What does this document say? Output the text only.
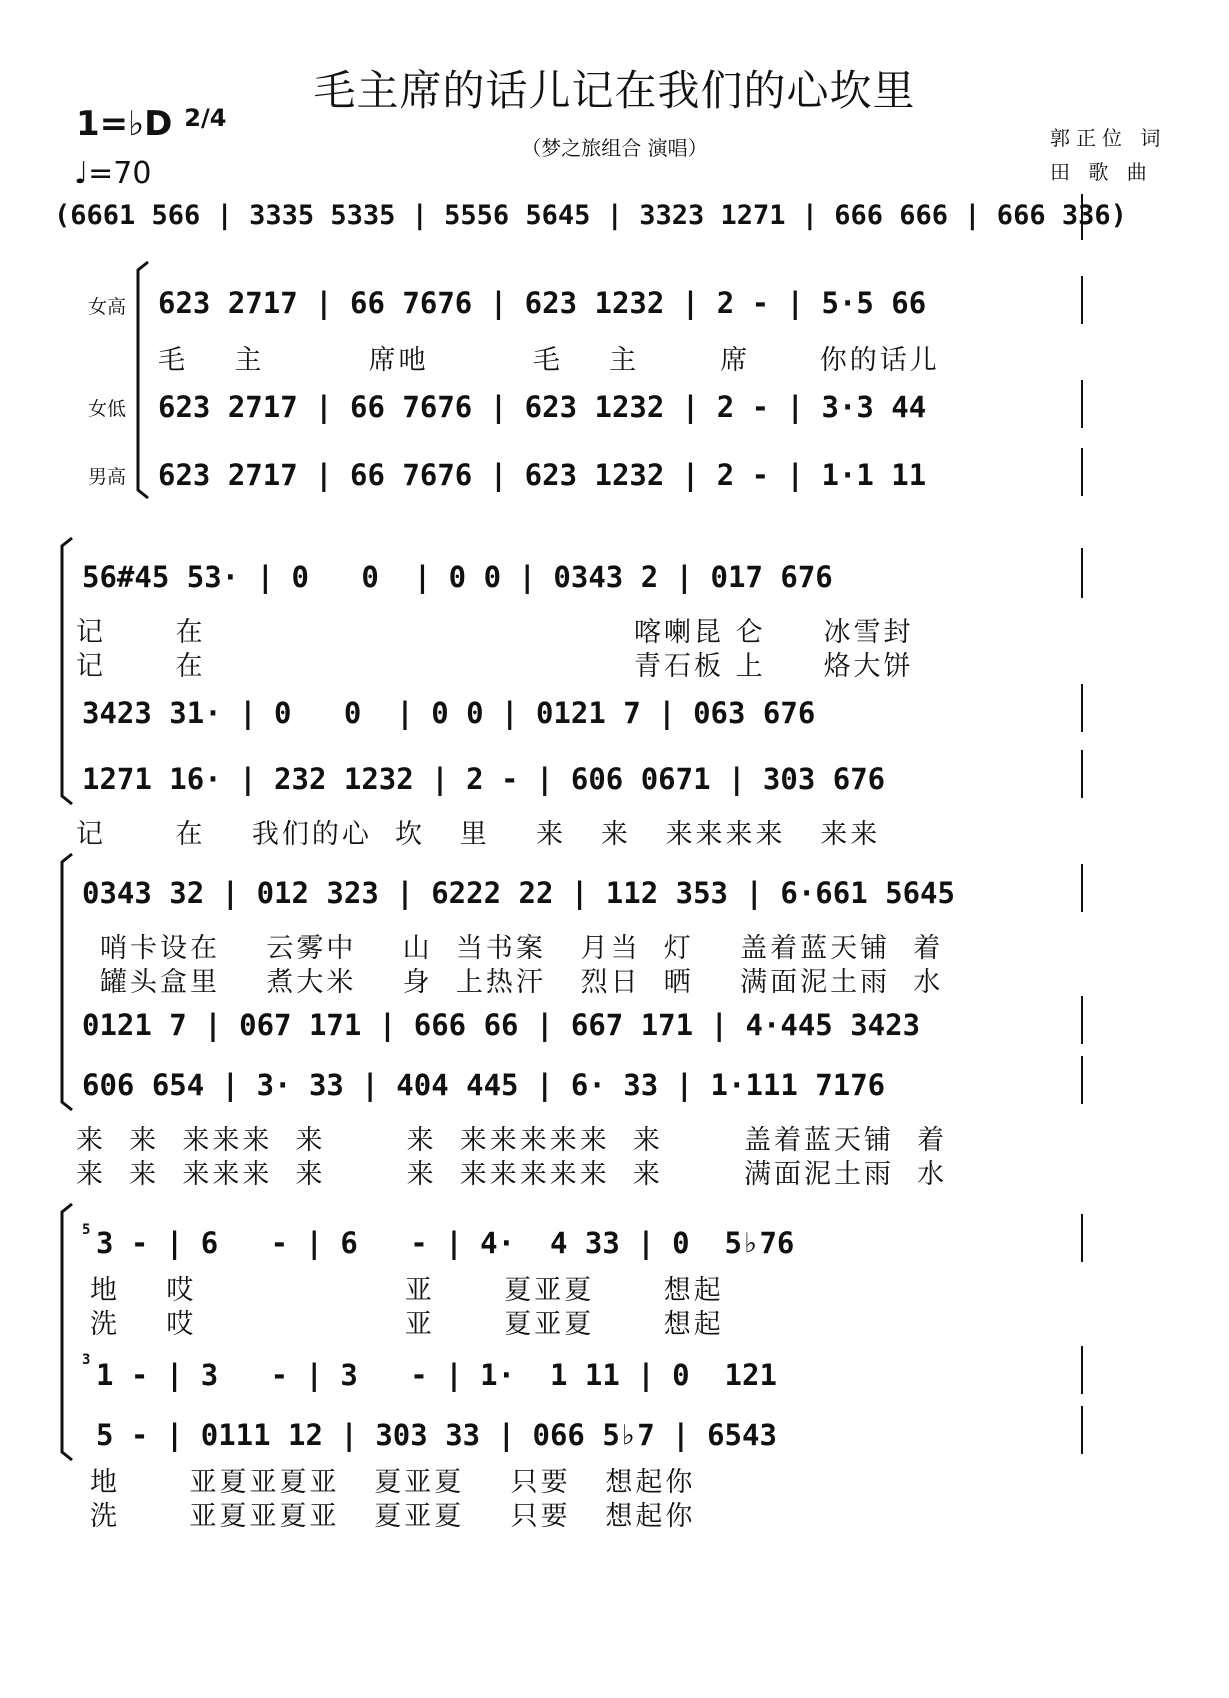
毛主席的话儿记在我们的心坎里
（梦之旅组合 演唱）
1=♭D $^{2/4}$
♩=70
郭正位 词
田 歌 曲
(6661 566 | 3335 5335 | 5556 5645 | 3323 1271 | 666 666 | 666 336)
女高
女低
男高
623 2717 | 66 7676 | 623 1232 | 2 - | 5·5 66
毛    主         席吔         毛    主       席      你的话儿
623 2717 | 66 7676 | 623 1232 | 2 - | 3·3 44
623 2717 | 66 7676 | 623 1232 | 2 - | 1·1 11
56#45 53· | 0   0  | 0 0 | 0343 2 | 017 676
记      在                                     喀喇昆 仑     冰雪封
记      在                                     青石板 上     烙大饼
3423 31· | 0   0  | 0 0 | 0121 7 | 063 676
1271 16· | 232 1232 | 2 - | 606 0671 | 303 676
记      在    我们的心  坎   里    来   来   来来来来   来来
0343 32 | 012 323 | 6222 22 | 112 353 | 6·661 5645
哨卡设在    云雾中    山  当书案   月当  灯    盖着蓝天铺  着
罐头盒里    煮大米    身  上热汗   烈日  晒    满面泥土雨  水
0121 7 | 067 171 | 666 66 | 667 171 | 4·445 3423
606 654 | 3· 33 | 404 445 | 6· 33 | 1·111 7176
来  来  来来来  来       来  来来来来来  来       盖着蓝天铺  着
来  来  来来来  来       来  来来来来来  来       满面泥土雨  水
5 3 - | 6   - | 6   - | 4·  4 33 | 0  5♭76
地    哎                  亚      夏亚夏      想起
洗    哎                  亚      夏亚夏      想起
3 1 - | 3   - | 3   - | 1·  1 11 | 0  121
5 - | 0111 12 | 303 33 | 066 5♭7 | 6543
地      亚夏亚夏亚   夏亚夏    只要   想起你
洗      亚夏亚夏亚   夏亚夏    只要   想起你
